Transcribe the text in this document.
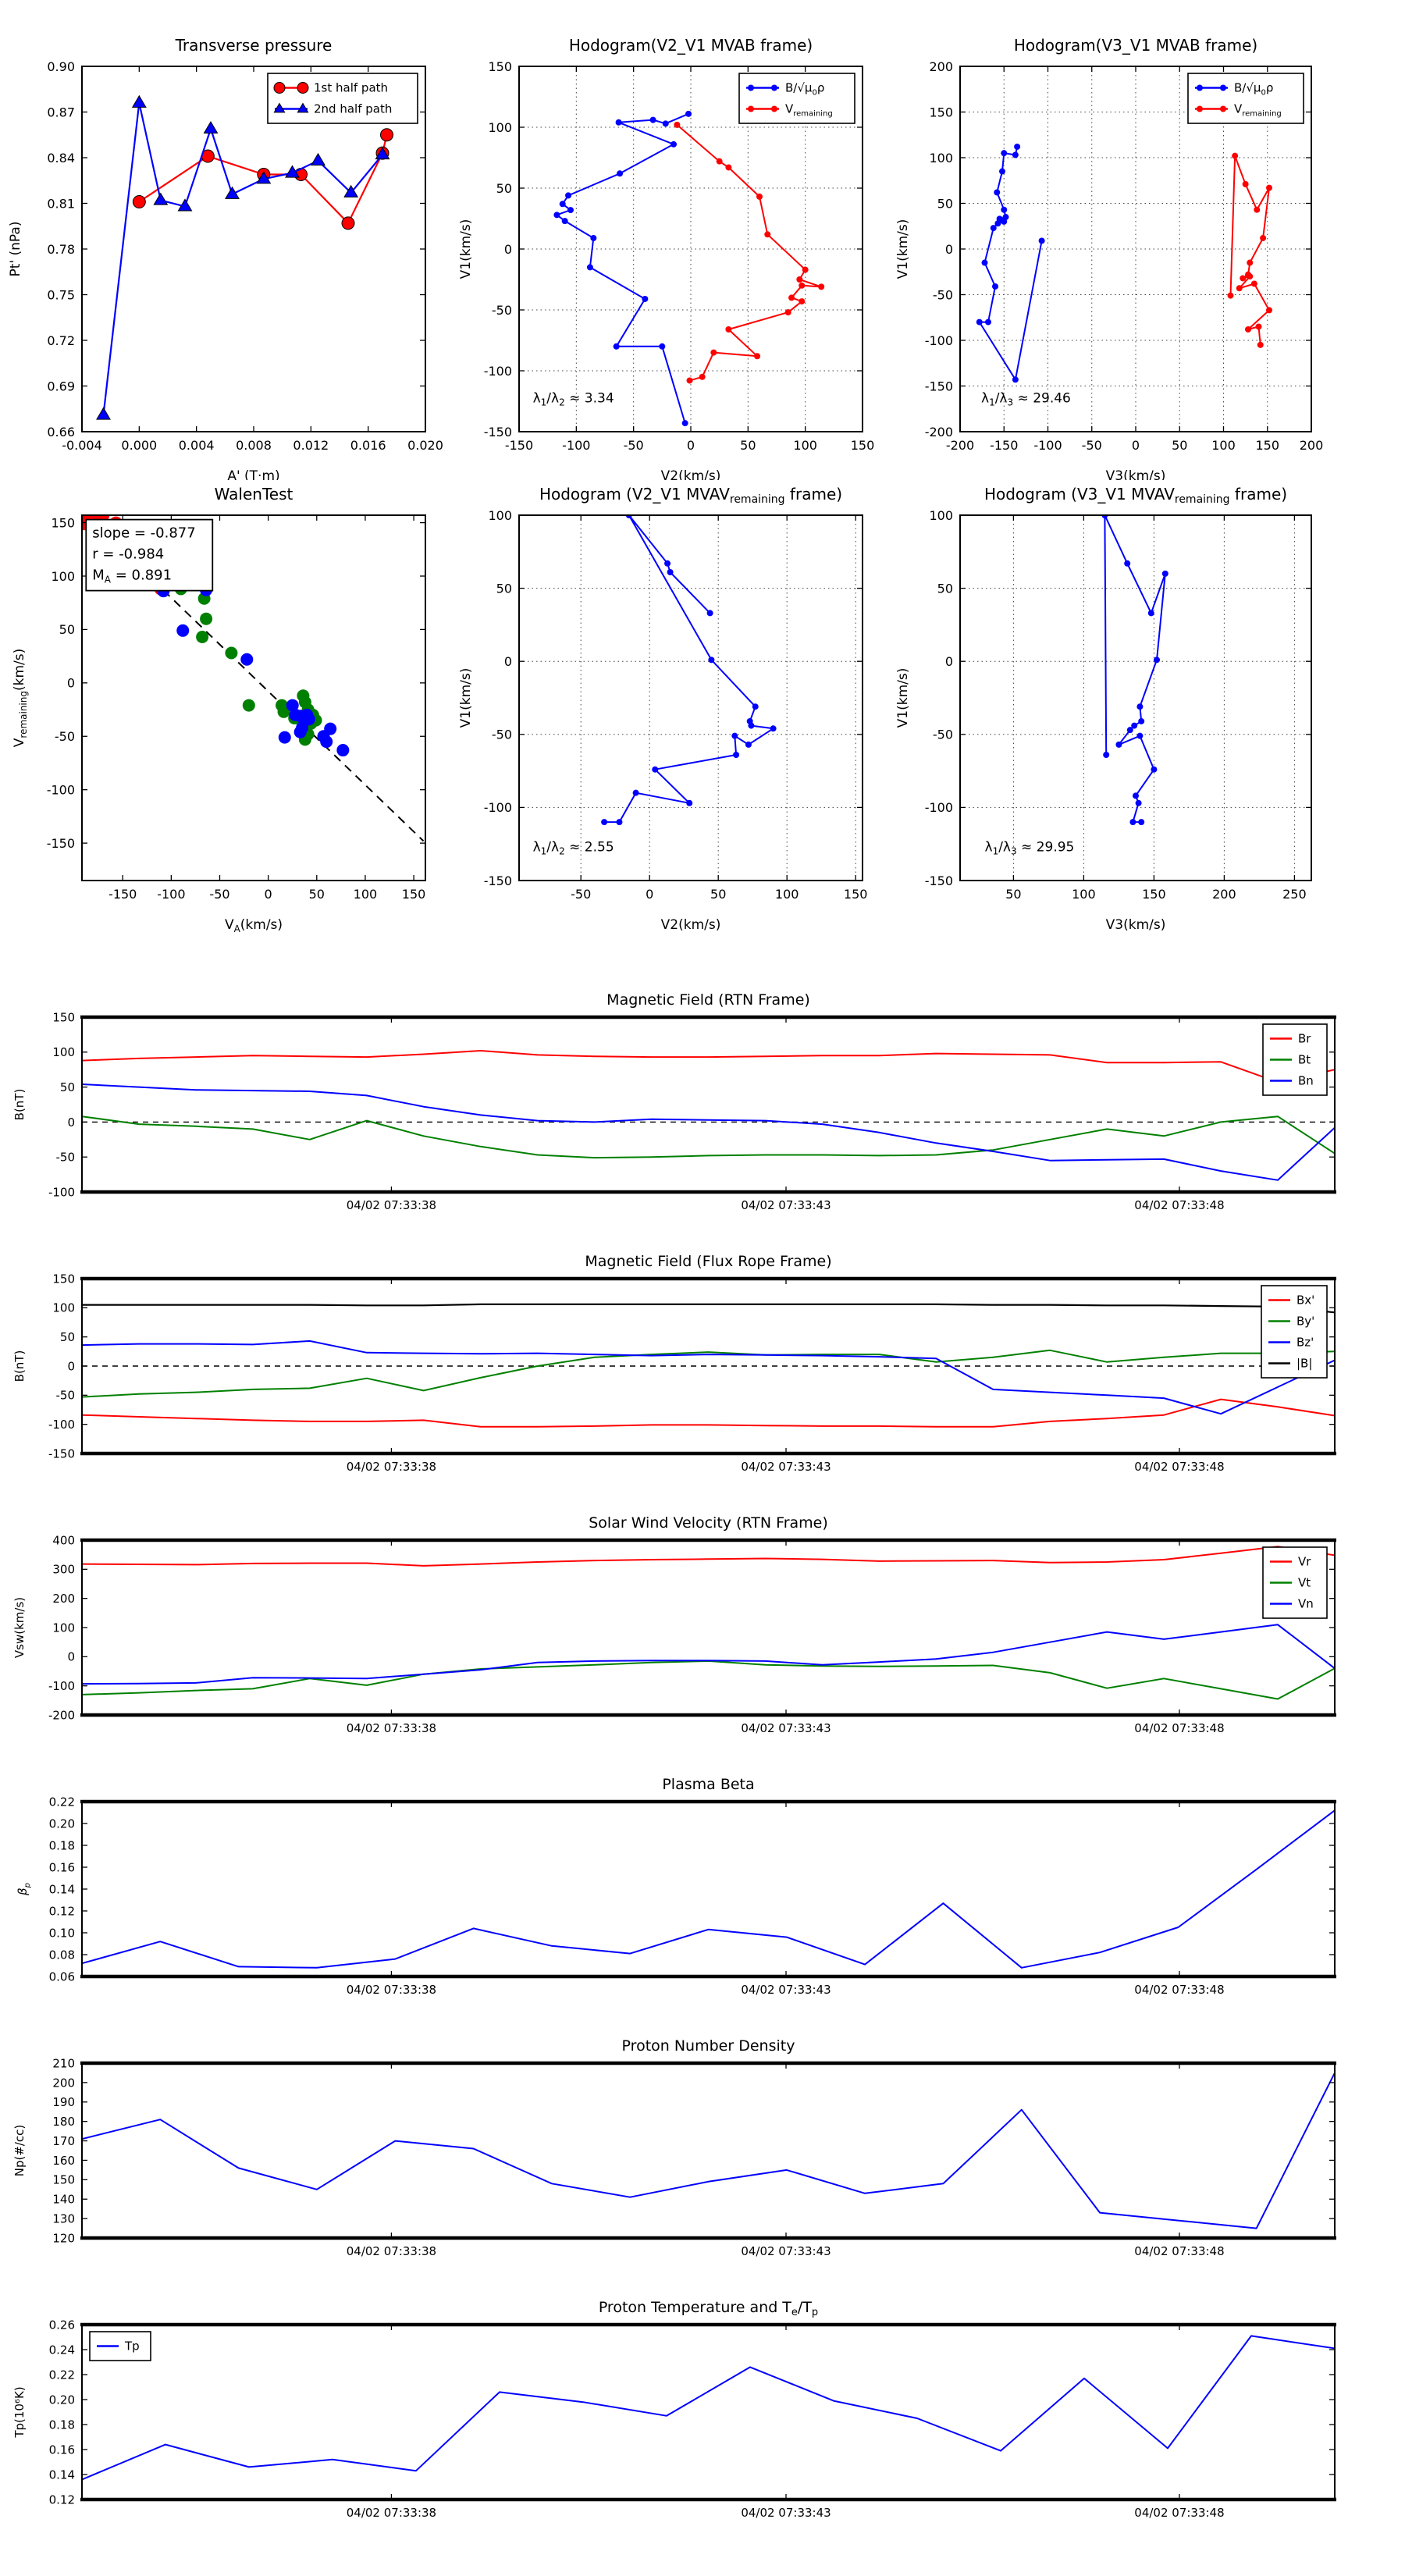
-0.004 0.000 0.004 0.008 0.012 0.016 0.020
0.66
0.69
0.72
0.75
0.78
0.81
0.84
0.87
0.90
Transverse pressure
A' (T·m)
Pt' (nPa)
1st half path
2nd half path
-150 -100	-50	0	50	100	150
-150
-100
-50
0
50
100
150
Hodogram(V2_V1 MVAB frame)
V2(km/s)
V1(km/s)
$B/√\mu_0\rho$
$V_{remaining}$
$\lambda_1/\lambda_2 \approx 3.34$
-200 -150 -100 -50 0	50 100 150 200
-200
-150
-100
-50
0
50
100
150
200
Hodogram(V3_V1 MVAB frame)
V3(km/s)
V1(km/s)
$B/√\mu_0\rho$
$V_{remaining}$
$\lambda_1/\lambda_3 \approx 29.46$
-150 -100 -50	0	50 100 150
-150
-100
-50
0
50
100
150
WalenTest
$V_A(km/s)$
$V_{remaining}(km/s)$
slope = -0.877
r = -0.984
$M_A = 0.891$
-50	0	50	100	150
-150
-100
-50
0
50
100
Hodogram (V2_V1 $MVAV_{remaining}$ frame)
V2(km/s)
V1(km/s)
$\lambda_1/\lambda_2 \approx 2.55$
50	100	150	200	250
-150
-100
-50
0
50
100
Hodogram (V3_V1 $MVAV_{remaining}$ frame)
V3(km/s)
V1(km/s)
$\lambda_1/\lambda_3 \approx 29.95$
04/02 07:33:38	04/02 07:33:43	04/02 07:33:48
-100
-50
0
50
100
150
Magnetic Field (RTN Frame)
B(nT)
Br
Bt
Bn
04/02 07:33:38	04/02 07:33:43	04/02 07:33:48
-150
-100
-50
0
50
100
150
Magnetic Field (Flux Rope Frame)
B(nT)
Bx'
By'
Bz'
|B|
04/02 07:33:38	04/02 07:33:43	04/02 07:33:48
-200
-100
0
100
200
300
400
Solar Wind Velocity (RTN Frame)
Vsw(km/s)
Vr
Vt
Vn
04/02 07:33:38	04/02 07:33:43	04/02 07:33:48
0.06
0.08
0.10
0.12
0.14
0.16
0.18
0.20
0.22
Plasma Beta
$\beta_p$
04/02 07:33:38	04/02 07:33:43	04/02 07:33:48
120
130
140
150
160
170
180
190
200
210
Proton Number Density
Np(#/cc)
04/02 07:33:38	04/02 07:33:43	04/02 07:33:48
0.12
0.14
0.16
0.18
0.20
0.22
0.24
0.26
Proton Temperature and $T_e/T_p$
Tp(10⁶K)
Tp
